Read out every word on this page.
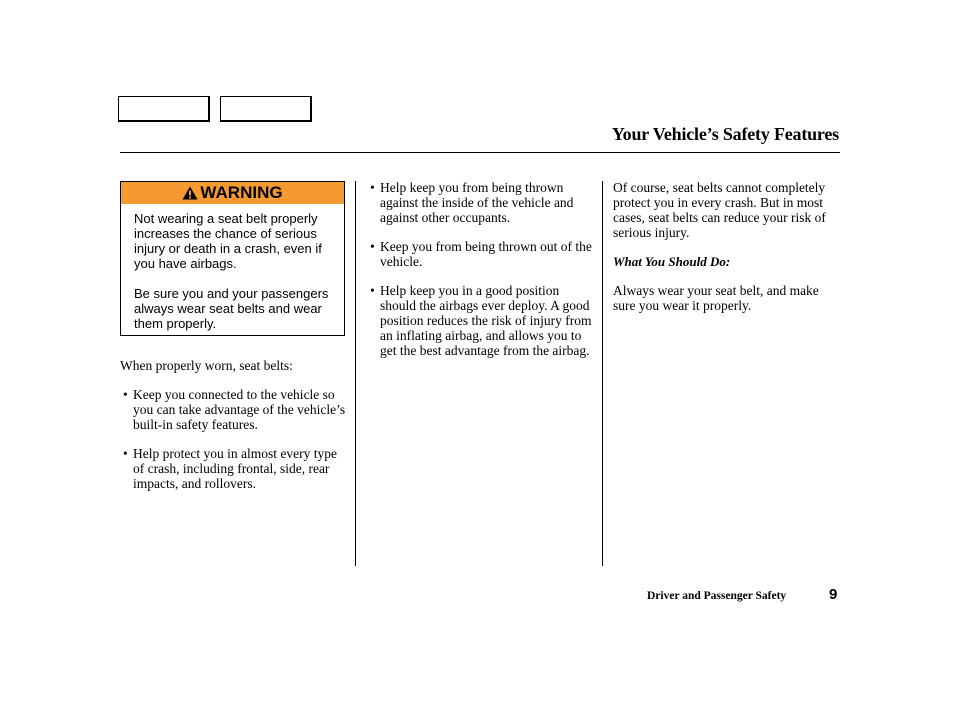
Your Vehicle’s Safety Features
WARNING

Not wearing a seat belt properly increases the chance of serious injury or death in a crash, even if you have airbags.

Be sure you and your passengers always wear seat belts and wear them properly.

When properly worn, seat belts:

• Keep you connected to the vehicle so you can take advantage of the vehicle’s built-in safety features.
• Help protect you in almost every type of crash, including frontal, side, rear impacts, and rollovers.
• Help keep you from being thrown against the inside of the vehicle and against other occupants.
• Keep you from being thrown out of the vehicle.
• Help keep you in a good position should the airbags ever deploy. A good position reduces the risk of injury from an inflating airbag, and allows you to get the best advantage from the airbag.

Of course, seat belts cannot completely protect you in every crash. But in most cases, seat belts can reduce your risk of serious injury.

What You Should Do:

Always wear your seat belt, and make sure you wear it properly.

Driver and Passenger Safety	9
